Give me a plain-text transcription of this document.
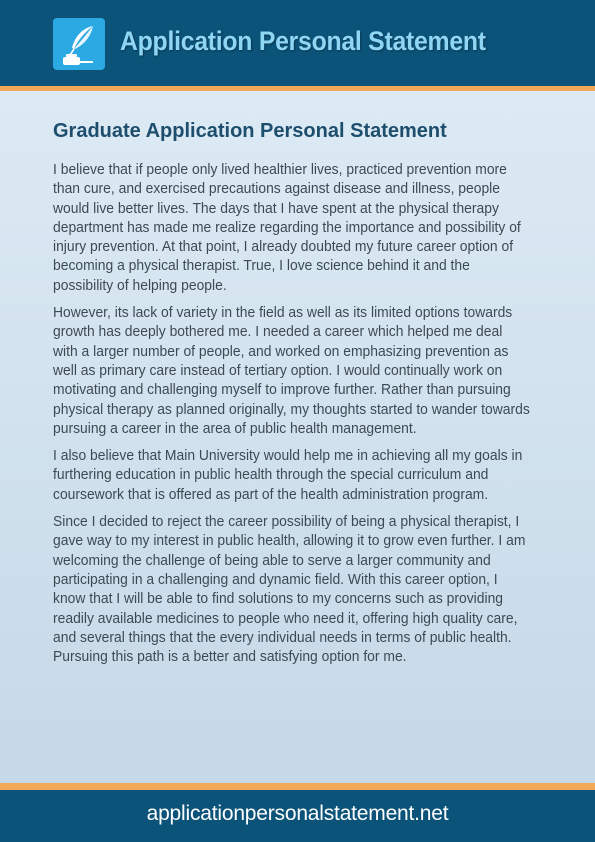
Application Personal Statement
Graduate Application Personal Statement

I believe that if people only lived healthier lives, practiced prevention more than cure, and exercised precautions against disease and illness, people would live better lives. The days that I have spent at the physical therapy department has made me realize regarding the importance and possibility of injury prevention. At that point, I already doubted my future career option of becoming a physical therapist. True, I love science behind it and the possibility of helping people.

However, its lack of variety in the field as well as its limited options towards growth has deeply bothered me. I needed a career which helped me deal with a larger number of people, and worked on emphasizing prevention as well as primary care instead of tertiary option. I would continually work on motivating and challenging myself to improve further. Rather than pursuing physical therapy as planned originally, my thoughts started to wander towards pursuing a career in the area of public health management.

I also believe that Main University would help me in achieving all my goals in furthering education in public health through the special curriculum and coursework that is offered as part of the health administration program.

Since I decided to reject the career possibility of being a physical therapist, I gave way to my interest in public health, allowing it to grow even further. I am welcoming the challenge of being able to serve a larger community and participating in a challenging and dynamic field. With this career option, I know that I will be able to find solutions to my concerns such as providing readily available medicines to people who need it, offering high quality care, and several things that the every individual needs in terms of public health. Pursuing this path is a better and satisfying option for me.

applicationpersonalstatement.net
